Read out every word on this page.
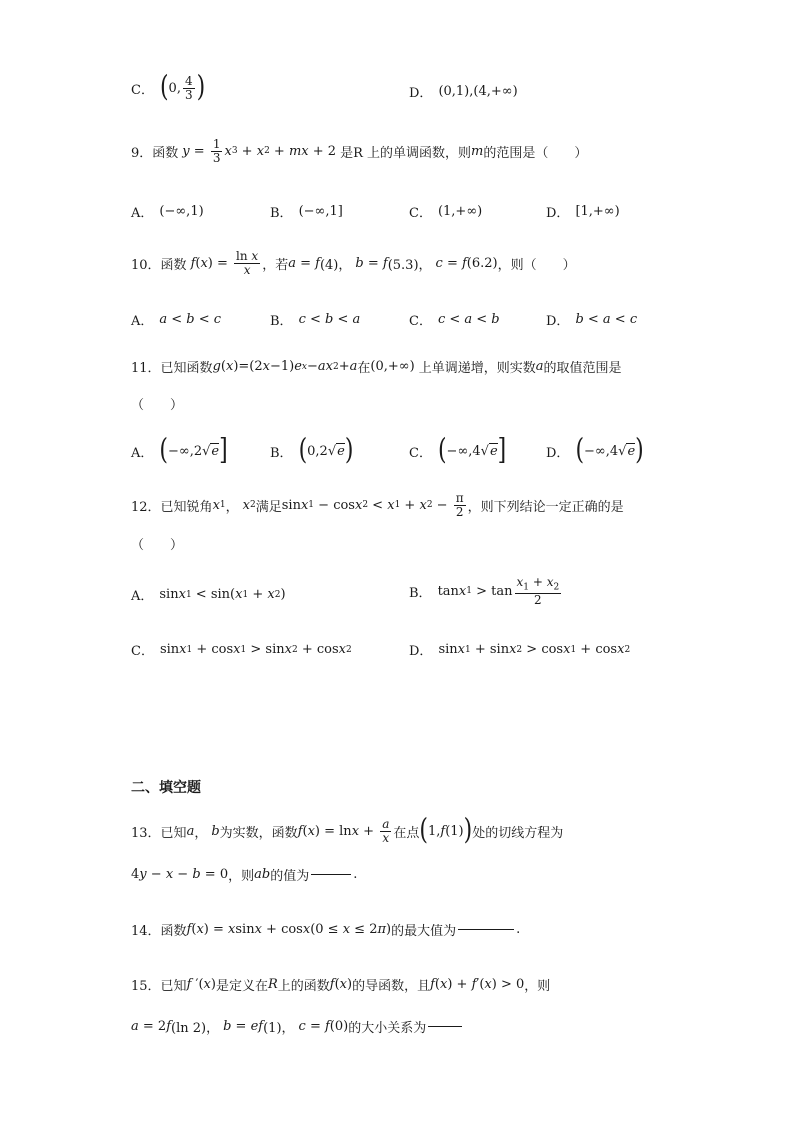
C． ( 0, $\frac{4}{3}$ )	D． (0,1),(4,+∞)
9． 函数 $y = \frac{1}{3}$ x 3 + x 2 + mx + 2 是R 上的单调函数，则 m 的范围是（　　）
A． (−∞,1)	B． (−∞,1]	C． (1,+∞)	D． [1,+∞)
10． 函数 f ( x ) = $\frac{\text{ln x}}{x}$ ，若 a = f (4)， b = f (5.3)， c = f (6.2) ，则（　　）
A． a < b < c	B． c < b < a	C． c < a < b	D． b < a < c
11． 已知函数 g ( x )=(2 x −1) e x − ax 2 + a 在 (0,+∞) 上单调递增，则实数 a 的取值范围是
（　　）
A． ( −∞,2 √ e ]	B． ( 0,2 √ e )	C． ( −∞,4 √ e ]	D． ( −∞,4 √ e )
12． 已知锐角 x 1 ， x 2 满足 sin x 1 − cos x 2 < x 1 + x $2 - \frac{\pi}{2}$ ，则下列结论一定正确的是
（　　）
A． sin x 1 < sin( x 1 + x 2 )	B． tan x $1 > \tan \frac{x_1 + x_2}{2}$
C． sin x 1 + cos x 1 > sin x 2 + cos x 2	D． sin x 1 + sin x 2 > cos x 1 + cos x 2
二、填空题
13． 已知 a ， b 为实数，函数 f ( x ) = $\ln x + \frac{a}{x}$ 在点 ( 1, f (1) ) 处的切线方程为
4 y − x − b = 0 ，则 ab 的值为	.
14． 函数 f ( x ) = x sin x + cos x (0 ≤ x ≤ 2 π ) 的最大值为	.
15． 已知 f ′( x ) 是定义在 R 上的函数 f ( x ) 的导函数，且 f ( x ) + f ′( x ) > 0 ，则
a = 2 f (ln 2)， b = ef (1)， c = f (0) 的大小关系为
